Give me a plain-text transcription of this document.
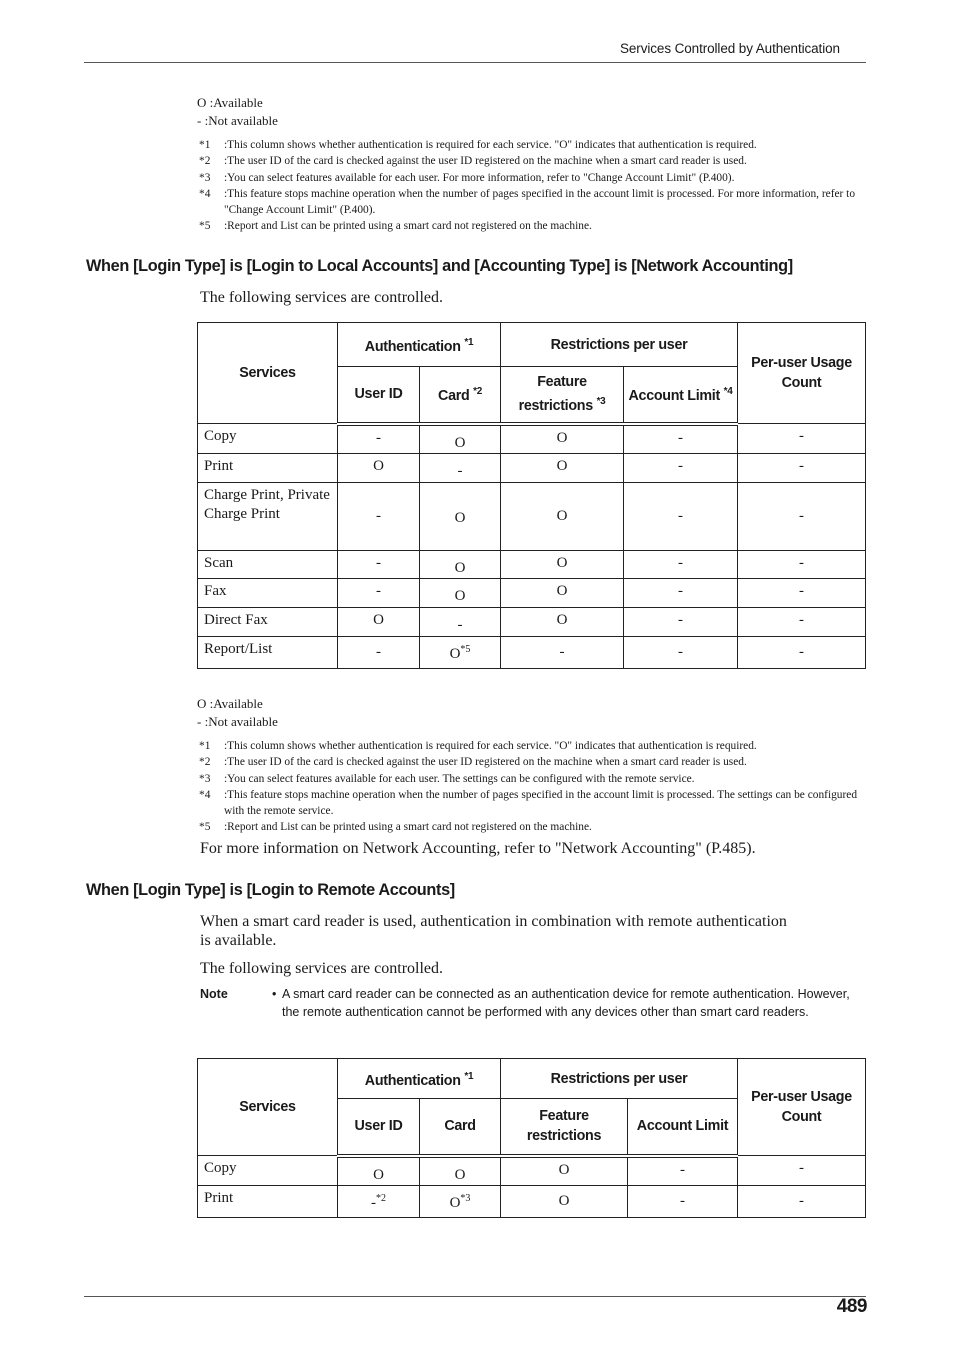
Services Controlled by Authentication
O :Available
- :Not available
*1	:This column shows whether authentication is required for each service. "O" indicates that authentication is required.
*2	:The user ID of the card is checked against the user ID registered on the machine when a smart card reader is used.
*3	:You can select features available for each user. For more information, refer to "Change Account Limit" (P.400).
*4	:This feature stops machine operation when the number of pages specified in the account limit is processed. For more information, refer to "Change Account Limit" (P.400).
*5	:Report and List can be printed using a smart card not registered on the machine.
When [Login Type] is [Login to Local Accounts] and [Accounting Type] is [Network Accounting]
The following services are controlled.
Services	Authentication $^{*1}$		Restrictions per user		Per-user Usage Count
	User ID	Card $^{*2}$	Feature restrictions $^{*3}$	Account Limit $^{*4}$
Copy	-	O	O	-	-
Print	O	-	O	-	-
Charge Print, Private Charge Print	-	O	O	-	-
Scan	-	O	O	-	-
Fax	-	O	O	-	-
Direct Fax	O	-	O	-	-
Report/List	-	$O^{*5}$	-	-	-
O :Available
- :Not available
*1	:This column shows whether authentication is required for each service. "O" indicates that authentication is required.
*2	:The user ID of the card is checked against the user ID registered on the machine when a smart card reader is used.
*3	:You can select features available for each user. The settings can be configured with the remote service.
*4	:This feature stops machine operation when the number of pages specified in the account limit is processed. The settings can be configured with the remote service.
*5	:Report and List can be printed using a smart card not registered on the machine.
For more information on Network Accounting, refer to "Network Accounting" (P.485).
When [Login Type] is [Login to Remote Accounts]
When a smart card reader is used, authentication in combination with remote authentication is available.
The following services are controlled.
Note	• A smart card reader can be connected as an authentication device for remote authentication. However, the remote authentication cannot be performed with any devices other than smart card readers.
Services	Authentication $^{*1}$		Restrictions per user		Per-user Usage Count
	User ID	Card	Feature restrictions	Account Limit	
Copy	O	O	O	-	-
Print	-$^{*2}$	$O^{*3}$	O	-	-
489
